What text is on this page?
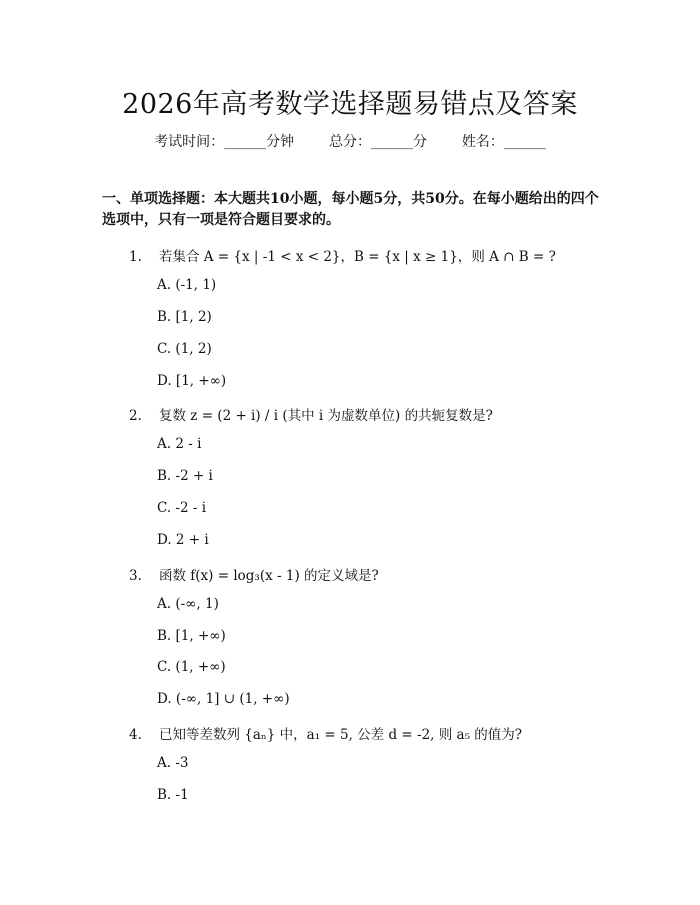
2026年高考数学选择题易错点及答案
考试时间：______分钟 总分：______分 姓名：______
一、单项选择题：本大题共10小题，每小题5分，共50分。在每小题给出的四个选项中，只有一项是符合题目要求的。
1. 若集合 A = {x | -1 < x < 2}，B = {x | x ≥ 1}，则 A ∩ B = ?
A. (-1, 1)
B. [1, 2)
C. (1, 2)
D. [1, +∞)
2. 复数 z = (2 + i) / i (其中 i 为虚数单位) 的共轭复数是?
A. 2 - i
B. -2 + i
C. -2 - i
D. 2 + i
3. 函数 f(x) = log₃(x - 1) 的定义域是?
A. (-∞, 1)
B. [1, +∞)
C. (1, +∞)
D. (-∞, 1] ∪ (1, +∞)
4. 已知等差数列 {aₙ} 中，a₁ = 5, 公差 d = -2, 则 a₅ 的值为?
A. -3
B. -1
